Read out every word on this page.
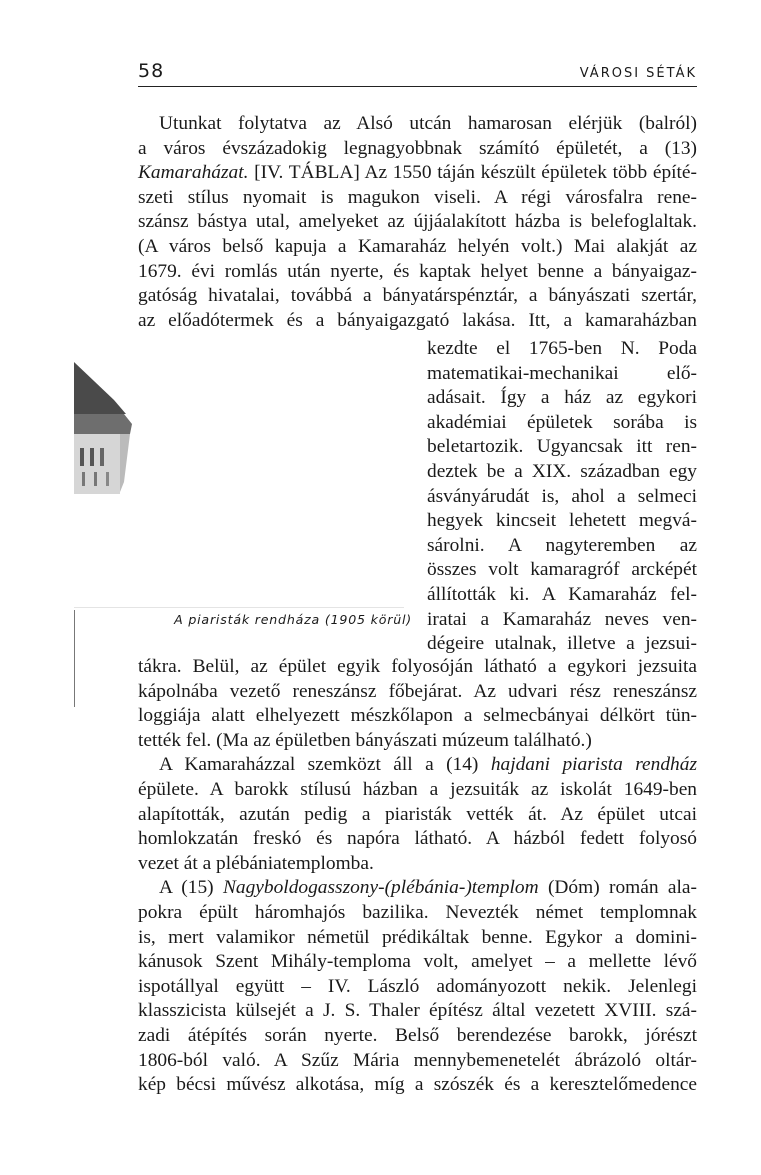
58	VÁROSI SÉTÁK
Utunkat folytatva az Alsó utcán hamarosan elérjük (balról)
a város évszázadokig legnagyobbnak számító épületét, a (13)
Kamaraházat. [IV. TÁBLA] Az 1550 táján készült épületek több építé-
szeti stílus nyomait is magukon viseli. A régi városfalra rene-
szánsz bástya utal, amelyeket az újjáalakított házba is belefoglaltak.
(A város belső kapuja a Kamaraház helyén volt.) Mai alakját az
1679. évi romlás után nyerte, és kaptak helyet benne a bányaigaz-
gatóság hivatalai, továbbá a bányatárspénztár, a bányászati szertár,
az előadótermek és a bányaigazgató lakása. Itt, a kamaraházban
A piaristák rendháza (1905 körül)
kezdte el 1765-ben N. Poda
matematikai-mechanikai elő-
adásait. Így a ház az egykori
akadémiai épületek sorába is
beletartozik. Ugyancsak itt ren-
deztek be a XIX. században egy
ásványárudát is, ahol a selmeci
hegyek kincseit lehetett megvá-
sárolni. A nagyteremben az
összes volt kamaragróf arcképét
állították ki. A Kamaraház fel-
iratai a Kamaraház neves ven-
dégeire utalnak, illetve a jezsui-
tákra. Belül, az épület egyik folyosóján látható a egykori jezsuita
kápolnába vezető reneszánsz főbejárat. Az udvari rész reneszánsz
loggiája alatt elhelyezett mészkőlapon a selmecbányai délkört tün-
tették fel. (Ma az épületben bányászati múzeum található.)
A Kamaraházzal szemközt áll a (14) hajdani piarista rendház
épülete. A barokk stílusú házban a jezsuiták az iskolát 1649-ben
alapították, azután pedig a piaristák vették át. Az épület utcai
homlokzatán freskó és napóra látható. A házból fedett folyosó
vezet át a plébániatemplomba.
A (15) Nagyboldogasszony-(plébánia-)templom (Dóm) román ala-
pokra épült háromhajós bazilika. Nevezték német templomnak
is, mert valamikor németül prédikáltak benne. Egykor a domini-
kánusok Szent Mihály-temploma volt, amelyet – a mellette lévő
ispotállyal együtt – IV. László adományozott nekik. Jelenlegi
klasszicista külsejét a J. S. Thaler építész által vezetett XVIII. szá-
zadi átépítés során nyerte. Belső berendezése barokk, jórészt
1806-ból való. A Szűz Mária mennybemenetelét ábrázoló oltár-
kép bécsi művész alkotása, míg a szószék és a keresztelőmedence
